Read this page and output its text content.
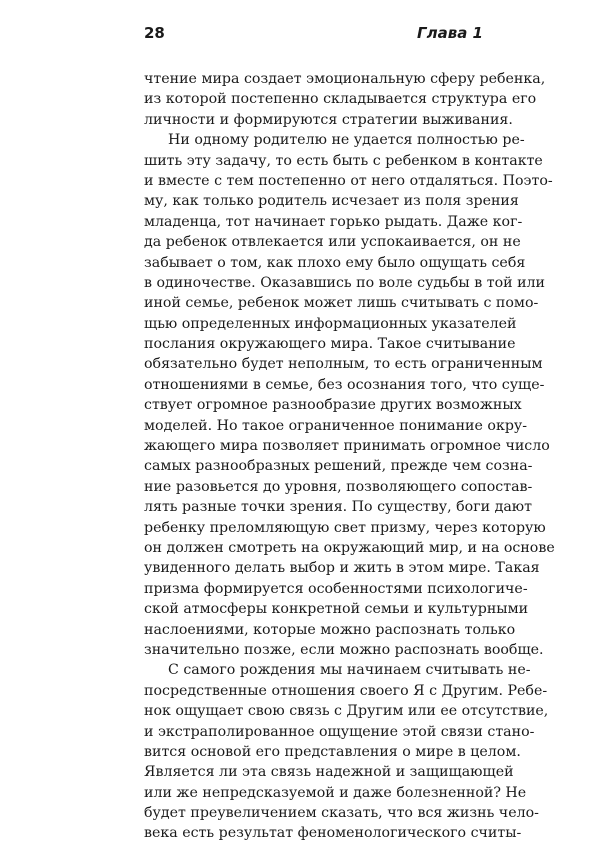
28	Глава 1
чтение мира создает эмоциональную сферу ребенка,
из которой постепенно складывается структура его
личности и формируются стратегии выживания.
Ни одному родителю не удается полностью ре-
шить эту задачу, то есть быть с ребенком в контакте
и вместе с тем постепенно от него отдаляться. Поэто-
му, как только родитель исчезает из поля зрения
младенца, тот начинает горько рыдать. Даже ког-
да ребенок отвлекается или успокаивается, он не
забывает о том, как плохо ему было ощущать себя
в одиночестве. Оказавшись по воле судьбы в той или
иной семье, ребенок может лишь считывать с помо-
щью определенных информационных указателей
послания окружающего мира. Такое считывание
обязательно будет неполным, то есть ограниченным
отношениями в семье, без осознания того, что суще-
ствует огромное разнообразие других возможных
моделей. Но такое ограниченное понимание окру-
жающего мира позволяет принимать огромное число
самых разнообразных решений, прежде чем созна-
ние разовьется до уровня, позволяющего сопостав-
лять разные точки зрения. По существу, боги дают
ребенку преломляющую свет призму, через которую
он должен смотреть на окружающий мир, и на основе
увиденного делать выбор и жить в этом мире. Такая
призма формируется особенностями психологиче-
ской атмосферы конкретной семьи и культурными
наслоениями, которые можно распознать только
значительно позже, если можно распознать вообще.
С самого рождения мы начинаем считывать не-
посредственные отношения своего Я с Другим. Ребе-
нок ощущает свою связь с Другим или ее отсутствие,
и экстраполированное ощущение этой связи стано-
вится основой его представления о мире в целом.
Является ли эта связь надежной и защищающей
или же непредсказуемой и даже болезненной? Не
будет преувеличением сказать, что вся жизнь чело-
века есть результат феноменологического считы-
